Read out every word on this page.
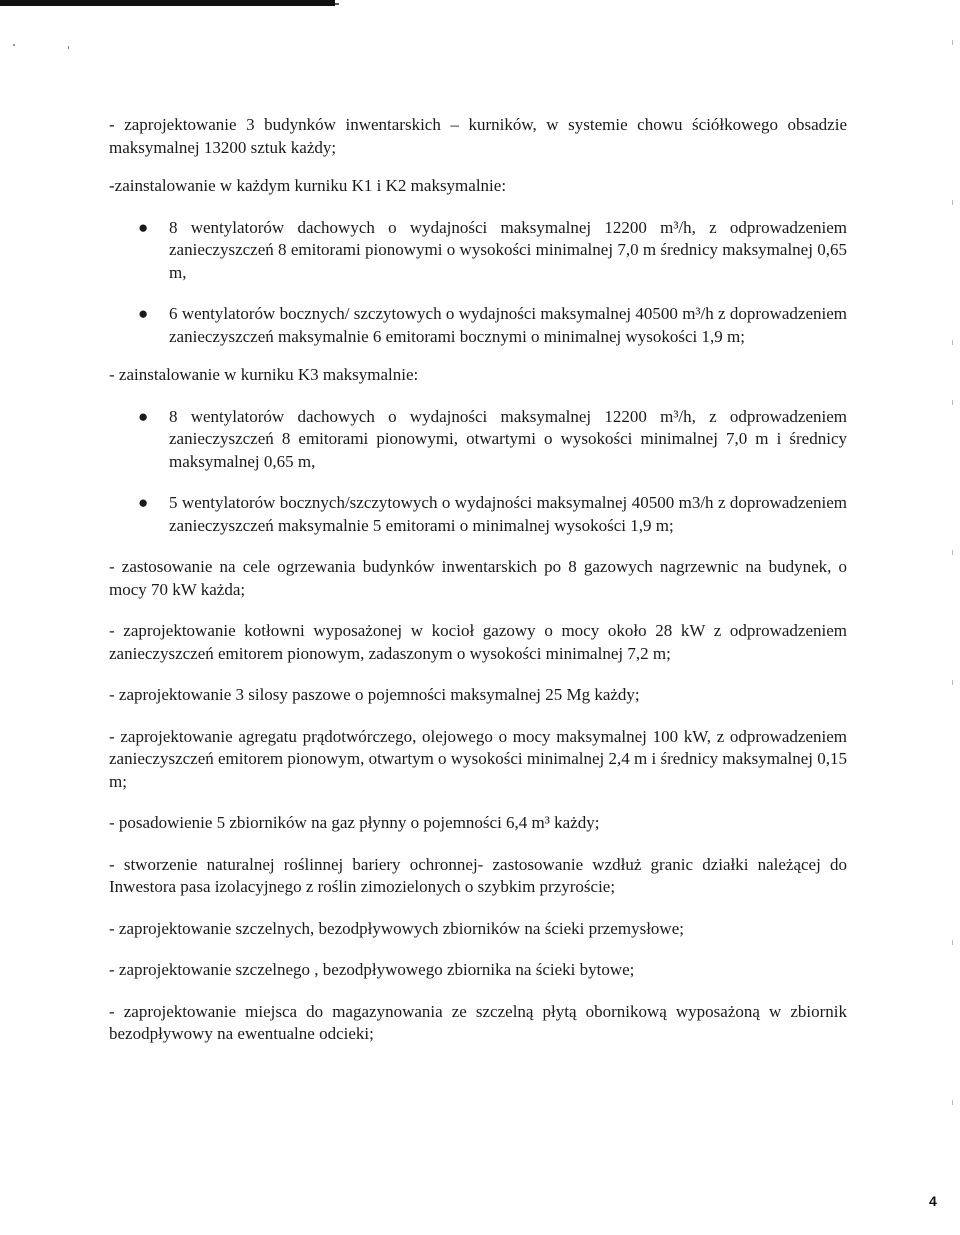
- zaprojektowanie 3 budynków inwentarskich – kurników, w systemie chowu ściółkowego obsadzie maksymalnej 13200 sztuk każdy;

-zainstalowanie w każdym kurniku K1 i K2 maksymalnie:

● 8 wentylatorów dachowych o wydajności maksymalnej 12200 m³/h, z odprowadzeniem zanieczyszczeń 8 emitorami pionowymi o wysokości minimalnej 7,0 m średnicy maksymalnej 0,65 m,

● 6 wentylatorów bocznych/ szczytowych o wydajności maksymalnej 40500 m³/h z doprowadzeniem zanieczyszczeń maksymalnie 6 emitorami bocznymi o minimalnej wysokości 1,9 m;

- zainstalowanie w kurniku K3 maksymalnie:

● 8 wentylatorów dachowych o wydajności maksymalnej 12200 m³/h, z odprowadzeniem zanieczyszczeń 8 emitorami pionowymi, otwartymi o wysokości minimalnej 7,0 m i średnicy maksymalnej 0,65 m,

● 5 wentylatorów bocznych/szczytowych o wydajności maksymalnej 40500 m3/h z doprowadzeniem zanieczyszczeń maksymalnie 5 emitorami o minimalnej wysokości 1,9 m;

- zastosowanie na cele ogrzewania budynków inwentarskich po 8 gazowych nagrzewnic na budynek, o mocy 70 kW każda;

- zaprojektowanie kotłowni wyposażonej w kocioł gazowy o mocy około 28 kW z odprowadzeniem zanieczyszczeń emitorem pionowym, zadaszonym o wysokości minimalnej 7,2 m;

- zaprojektowanie 3 silosy paszowe o pojemności maksymalnej 25 Mg każdy;

- zaprojektowanie agregatu prądotwórczego, olejowego o mocy maksymalnej 100 kW, z odprowadzeniem zanieczyszczeń emitorem pionowym, otwartym o wysokości minimalnej 2,4 m i średnicy maksymalnej 0,15 m;

- posadowienie 5 zbiorników na gaz płynny o pojemności 6,4 m³ każdy;

- stworzenie naturalnej roślinnej bariery ochronnej- zastosowanie wzdłuż granic działki należącej do Inwestora pasa izolacyjnego z roślin zimozielonych o szybkim przyroście;

- zaprojektowanie szczelnych, bezodpływowych zbiorników na ścieki przemysłowe;

- zaprojektowanie szczelnego , bezodpływowego zbiornika na ścieki bytowe;

- zaprojektowanie miejsca do magazynowania ze szczelną płytą obornikową wyposażoną w zbiornik bezodpływowy na ewentualne odcieki;

4
